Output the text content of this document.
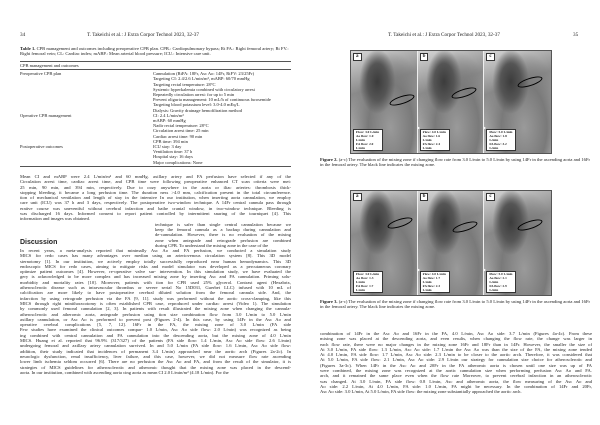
34	T. Takeichi et al.: J Extra Corpor Technol 2023, 32-37
Table 1. CPB management and outcomes including preoperative CPB plan. CPB.: Cardiopulmonary bypass; Rt FA.: Right femoral artery; Rt FV.: Right femoral vein; CL: Cardiac index; mABP.: Mean arterial blood pressure; ICU.: Intensive care unit.
CPB management and outcomes
Preoperative CPB plan	Cannulation (RtFA: 18Fr, Asc Ao: 14Fr, RtFV: 23/25Fr)
Targeting CI: 2.4/2.6 L/min/m², mABP: 60/70 mmHg
Targeting rectal temperature: 28°C
Systemic hyperkalemia combined with circulatory arrest
Repeatedly circulation arrest: for up to 5 min
Prevent oliguria management: 10 mL/h of continuous furosemide
Targeting blood potassium level: 3.0-4.0 mEq/L
Dialysis: Gravity drainage hemofiltration method
Operative CPB management	CI: 2.4 L/min/m²
mABP: 60 mmHg
Nadir rectal temperature: 28°C
Circulation arrest time: 25 min
Cardiac arrest time: 90 min
CPB time: 394 min
Postoperative outcomes	ICU stay: 3 day
Ventilation time: 37 h
Hospital stay: 16 days
Major complications: None
Mean CI and mABP were 2.4 L/min/m² and 60 mmHg. axillary artery and FA perfusion have selected if any of the
Circulation arrest time, cardiac arrest time, and CPB time were following preoperative enhanced CT scan criteria were met:
25 min, 90 min, and 394 min, respectively. Due to oozy anywhere in the aorta or iliac arteries: thrombosis thick-
stopping bleeding, it became a long perfusion time. The duration ness >4.0 mm, calcification present in the total circumference.
tion of mechanical ventilation and length of stay in the intensive In our institution, when inserting aorta cannulation, we employ
care unit (ICU) was 37 h and 3 days, respectively. The postoperative two-window technique. A 14Fr central cannula pass through
erative course was uneventful without cerebral infarction and bathe cranial window, in two-window technique. Bleeding is
was discharged 16 days. Informed consent to report patient controlled by intermittent snaring of the tourniquet [4]. This
information and images was obtained.
technique is safer than single central cannulation because we
keep the femoral cannula as a backup during cannulation and
de-cannulation. However, there is no evaluation of the mixing
zone when antegrade and retrograde perfusion are combined
during CPB. To understand the mixing zone in the case of the
Discussion
In recent years, a meta-analysis reported that minimally Asc Ao and FA perfusion, we conducted a simulation study
MICS for redo cases has many advantages over median using an arteriovenous circulation system [8]. This 3D model
sternotomy [1]. In our institution, we actively employ totally successfully reproduced near human hemodynamics. This 3D
endoscopic MICS for redo cases, aiming to mitigate risks and model simulator was developed as a percutaneous coronary
optimize patient outcomes [4]. However, re-operative valve sur- intervention. In this simulation study, we have evaluated the
gery is acknowledged to be more complex and has increased mixing zone by inserting Asc and FA cannulation. Priming solu-
morbidity and mortality rates [10]. Moreover, patients with tion for CPB used 25% glycerol. Contrast agent (Hexabrix,
atherosclerotic disease such as intravascular thrombus or severe serial No 15D031, Guerbet LLC) infused with 10 mL of
calcification are more likely to have postoperative cerebral diluted solution from the femoral cannula side. And, the
infarction by using retrograde perfusion via the FA [9, 11]. study was performed without the aortic cross-clamping, like this
MICS through right minithoracotomy is often established CPB case, reproduced under cardiac arrest (Video 1). The simulation
by commonly used femoral cannulation [2, 3]. In patients with result illustrated the mixing zone when changing the cannula-
atherosclerotic and atheromic aorta, antegrade perfusion using tion size combination flow from 3.0 L/min to 5.0 L/min
axillary cannulation, or Asc Ao is performed to prevent post (Figures 2-4). In this case, by using 14Fr in the Asc Ao and
operative cerebral complications [5, 7, 12]. 16Fr in the FA, the mixing zone of 3.0 L/min (FA side
Few studies have examined the clinical outcomes compar- 1.0 L/min, Asc Ao side flow: 2.0 L/min) was recognized as being
ing combined with central cannulation and FA cannulation into the descending aorta, but the mixing zone of 4.0 L/min
MICS. Huang et al. reported that 96.9% (317/327) of the patients (FA side flow: 1.4 L/min, Asc Ao side flow: 2.6 L/min)
undergoing femoral and axillary artery cannulation survived. In and 5.0 L/min (FA side flow: 1.6 L/min, Asc Ao side flow:
addition, their study indicated that incidences of permanent 3.4 L/min) approached near the aortic arch (Figures 2a-2c). In
neurologic dysfunction, renal insufficiency, liver failure, and this case, however, we did not measure flow rate ascending
lower limb ischemia seldom occurred [6]. There are no perfusion the Asc Ao and FA, and from the result of the simulator, it is
strategies of MICS guidelines for atherosclerotic and atheromic thought that the mixing zone was placed in the descend-
aorta. In our institution, combined with ascending aorta cing aorta as mean CI 2.0 L/min/m² (4.18 L/min). For the
T. Takeichi et al.: J Extra Corpor Technol 2023, 32-37	35
a
Flow: 3.0 L/min
Ao flow: 1.0 L/min
FA flow: 2.0 L/min
b
Flow: 4.0 L/min
Ao flow: 1.6 L/min
FA flow: 2.4 L/min
c
Flow: 5.0 L/min
Ao flow: 1.8 L/min
FA flow: 3.2 L/min
Figure 2. (a-c) The evaluation of the mixing zone if changing flow rate from 3.0 L/min to 5.0 L/min by using 14Fr in the ascending aorta and 16Fr in the femoral artery. The black line indicates the mixing zone.
a
Flow: 3.0 L/min
Ao flow: 1.3 L/min
FA flow: 1.7 L/min
b
Flow: 4.0 L/min
Ao flow: 1.7 L/min
FA flow: 2.3 L/min
c
Flow: 5.0 L/min
Ao flow: 2.1 L/min
FA flow: 2.9 L/min
Figure 3. (a-c) The evaluation of the mixing zone if changing flow rate from 3.0 L/min to 5.0 L/min by using 14Fr in the ascending aorta and 16Fr in the femoral artery. The black line indicates the mixing zone.
combination of 14Fr in the Asc Ao and 16Fr in the FA, 4.0 L/min, Asc Ao side: 3.7 L/min (Figures 4a-4c). From these
mixing zone was placed at the descending aorta, and even results, when changing the flow rate, the change was larger in
each flow rate, there were no major changes in the mixing zone 16Fr and 18Fr than in 14Fr. However, the smaller the size of
At 3.0 L/min, FA side flow: 1.3 L/min, Asc Ao side: 1.7 L/min the Asc Ao was than the size of the FA, the mixing zone tended
At 4.0 L/min, FA side flow: 1.7 L/min, Asc Ao side: 2.3 L/min to be closer to the aortic arch. Therefore, it was considered that
At 5.0 L/min, FA side flow: 2.1 L/min, Asc Ao side: 2.9 L/min our strategy for cannulation size choice for atherosclerotic and
(Figures 3a-3c). When 14Fr in the Asc Ao and 20Fr in the FA atheromic aorta is chosen until one size was up of FA
were combined, the mixing zone was recognized at the aortic cannulation size when performing perfusion Asc Ao and FA.
arch, and it remained the same place even when the flow rate Moreover, to prevent cerebral infarction in an atherosclerotic
was changed. At 3.0 L/min, FA side flow: 0.8 L/min, Asc and atheromic aorta, the flow measuring of the Asc Ao and
Ao side: 2.2 L/min, At 4.0 L/min, FA side: 1.0 L/min, FA might be necessary. In the combination of 14Fr and 20Fr,
Asc Ao side: 3.0 L/min, At 5.0 L/min, FA side flow: the mixing zone substantially approached the aortic arch.
